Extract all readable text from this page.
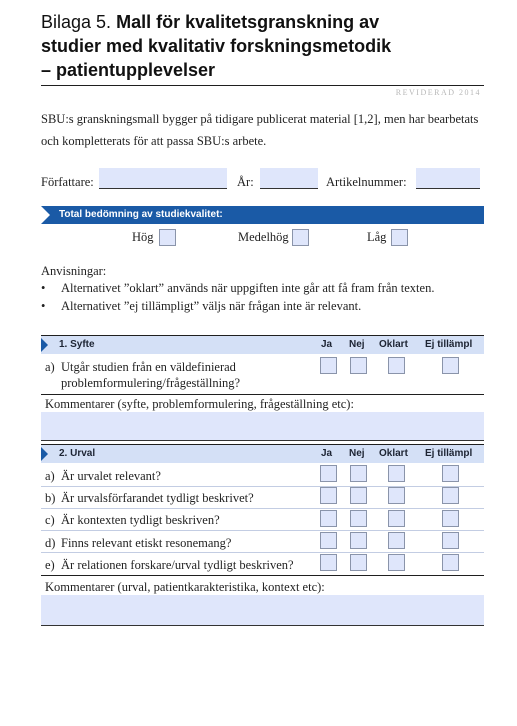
Bilaga 5. Mall för kvalitetsgranskning av
studier med kvalitativ forskningsmetodik
– patientupplevelser
REVIDERAD 2014
SBU:s granskningsmall bygger på tidigare publicerat material [1,2], men har bearbetats och kompletterats för att passa SBU:s arbete.
Författare:	År:	Artikelnummer:
Total bedömning av studiekvalitet:
Hög	Medelhög	Låg
Anvisningar:
• Alternativet ”oklart” används när uppgiften inte går att få fram från texten.
• Alternativet ”ej tillämpligt” väljs när frågan inte är relevant.
1. Syfte	Ja Nej Oklart Ej tillämpl
a) Utgår studien från en väldefinierad
problemformulering/frågeställning?
Kommentarer (syfte, problemformulering, frågeställning etc):
2. Urval	Ja Nej Oklart Ej tillämpl
a) Är urvalet relevant?
b) Är urvalsförfarandet tydligt beskrivet?
c) Är kontexten tydligt beskriven?
d) Finns relevant etiskt resonemang?
e) Är relationen forskare/urval tydligt beskriven?
Kommentarer (urval, patientkarakteristika, kontext etc):
